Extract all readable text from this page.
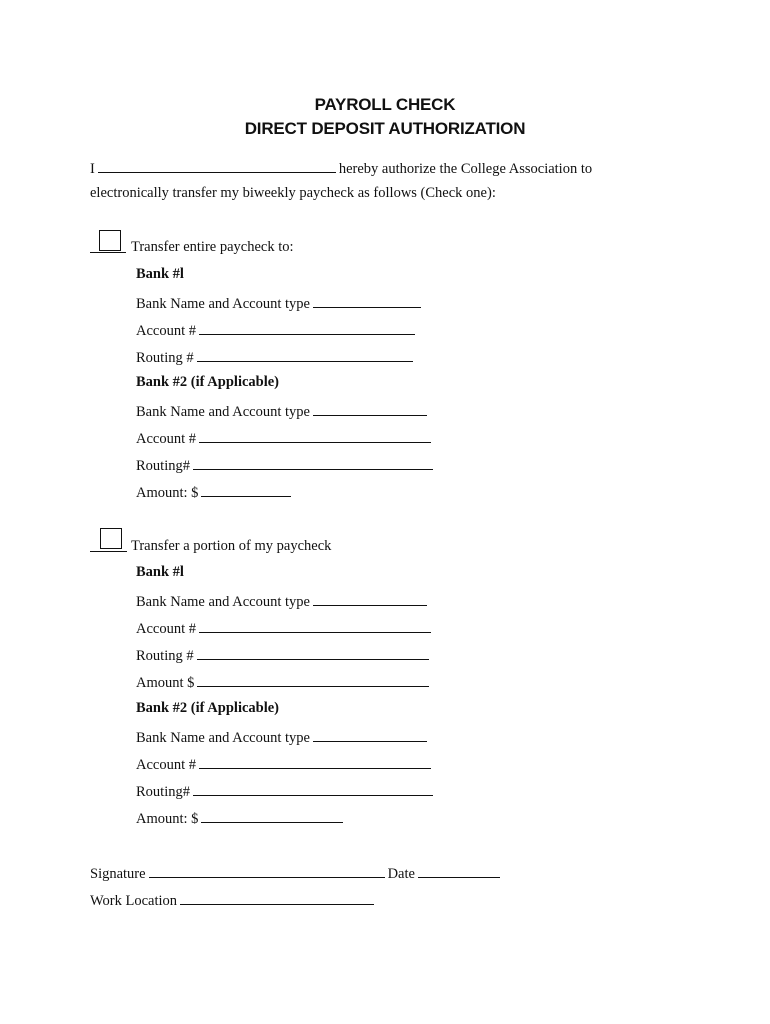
PAYROLL CHECK
DIRECT DEPOSIT AUTHORIZATION
I	hereby authorize the College Association to
electronically transfer my biweekly paycheck as follows (Check one):
Transfer entire paycheck to:
Bank #l
Bank Name and Account type
Account #
Routing #
Bank #2 (if Applicable)
Bank Name and Account type
Account #
Routing#
Amount: $
Transfer a portion of my paycheck
Bank #l
Bank Name and Account type
Account #
Routing #
Amount $
Bank #2 (if Applicable)
Bank Name and Account type
Account #
Routing#
Amount: $
Signature	Date
Work Location
